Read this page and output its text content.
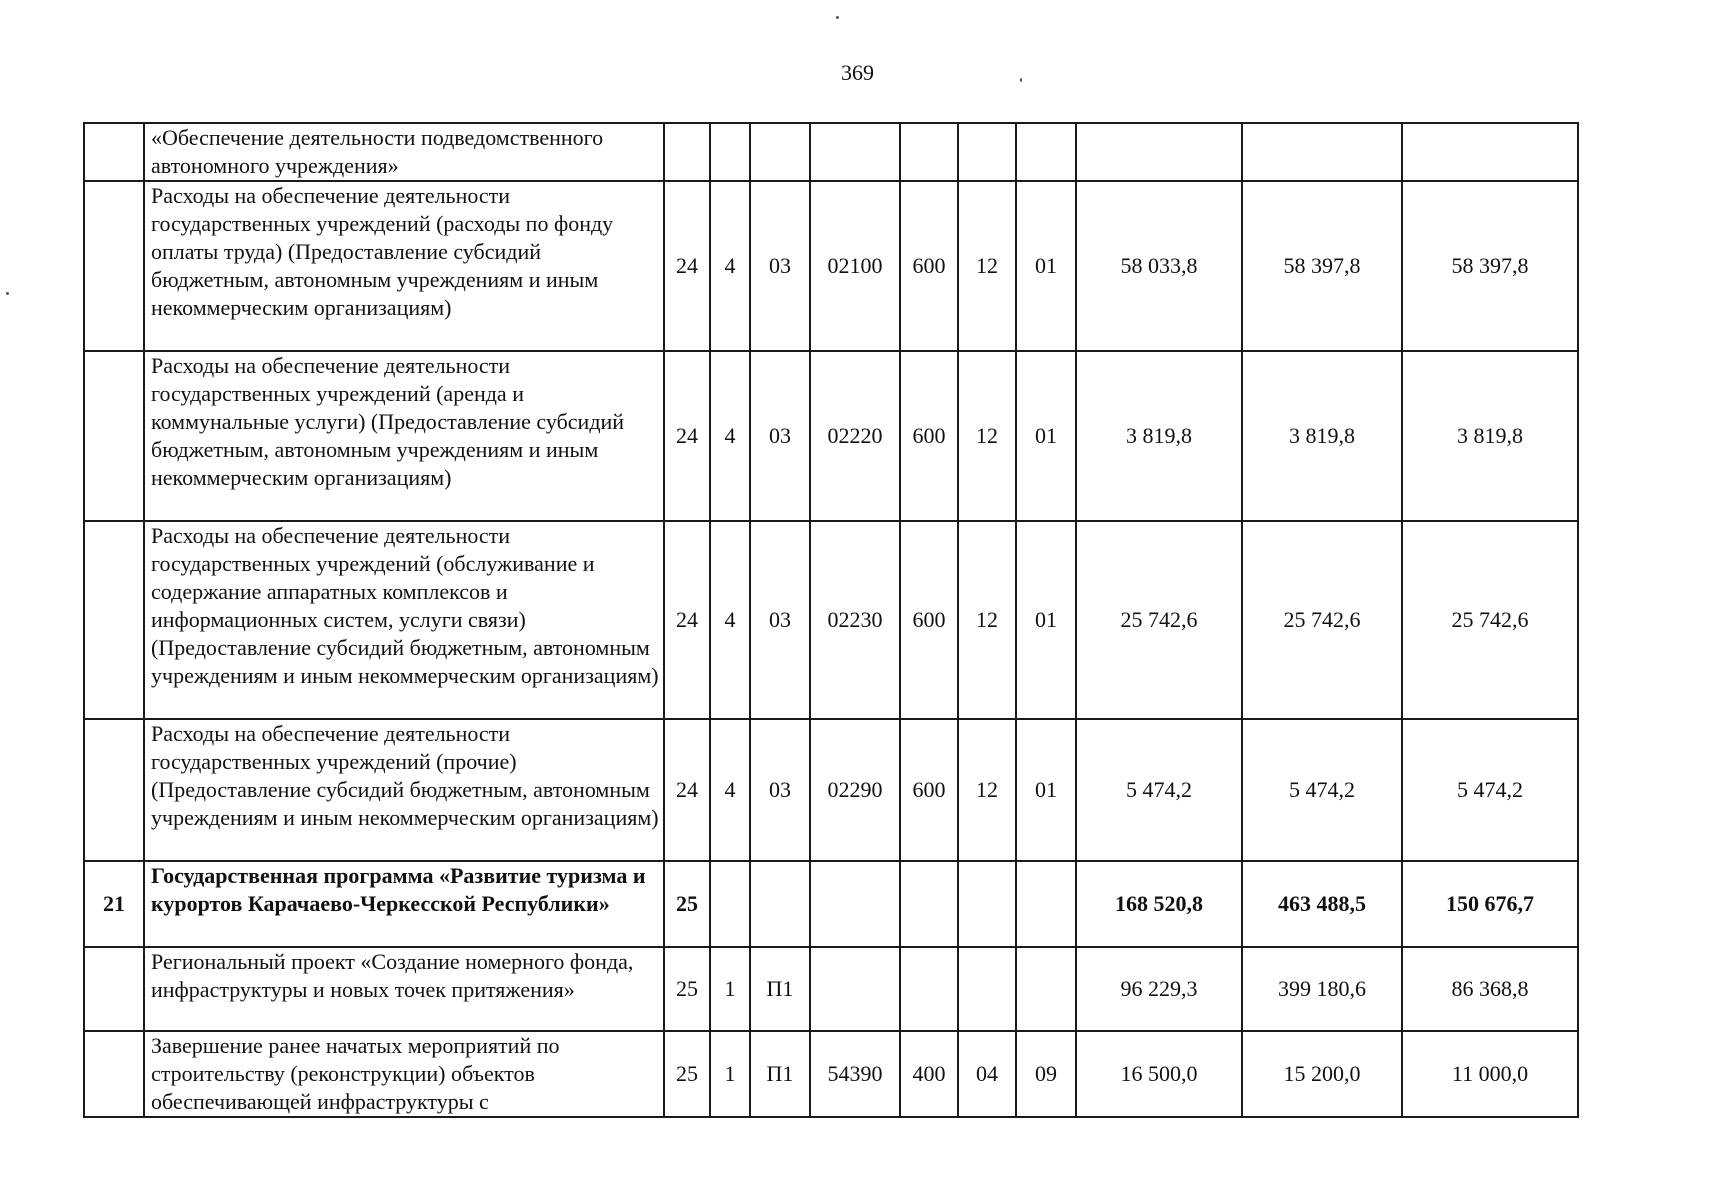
369
	«Обеспечение деятельности подведомственного автономного учреждения»										
	Расходы на обеспечение деятельности государственных учреждений (расходы по фонду оплаты труда) (Предоставление субсидий бюджетным, автономным учреждениям и иным некоммерческим организациям)	24	4	03	02100	600	12	01	58 033,8	58 397,8	58 397,8
	Расходы на обеспечение деятельности государственных учреждений (аренда и коммунальные услуги) (Предоставление субсидий бюджетным, автономным учреждениям и иным некоммерческим организациям)	24	4	03	02220	600	12	01	3 819,8	3 819,8	3 819,8
	Расходы на обеспечение деятельности государственных учреждений (обслуживание и содержание аппаратных комплексов и информационных систем, услуги связи) (Предоставление субсидий бюджетным, автономным учреждениям и иным некоммерческим организациям)	24	4	03	02230	600	12	01	25 742,6	25 742,6	25 742,6
	Расходы на обеспечение деятельности государственных учреждений (прочие) (Предоставление субсидий бюджетным, автономным учреждениям и иным некоммерческим организациям)	24	4	03	02290	600	12	01	5 474,2	5 474,2	5 474,2
21	Государственная программа «Развитие туризма и курортов Карачаево-Черкесской Республики»	25							168 520,8	463 488,5	150 676,7
	Региональный проект «Создание номерного фонда, инфраструктуры и новых точек притяжения»	25	1	П1					96 229,3	399 180,6	86 368,8
	Завершение ранее начатых мероприятий по строительству (реконструкции) объектов обеспечивающей инфраструктуры с	25	1	П1	54390	400	04	09	16 500,0	15 200,0	11 000,0
